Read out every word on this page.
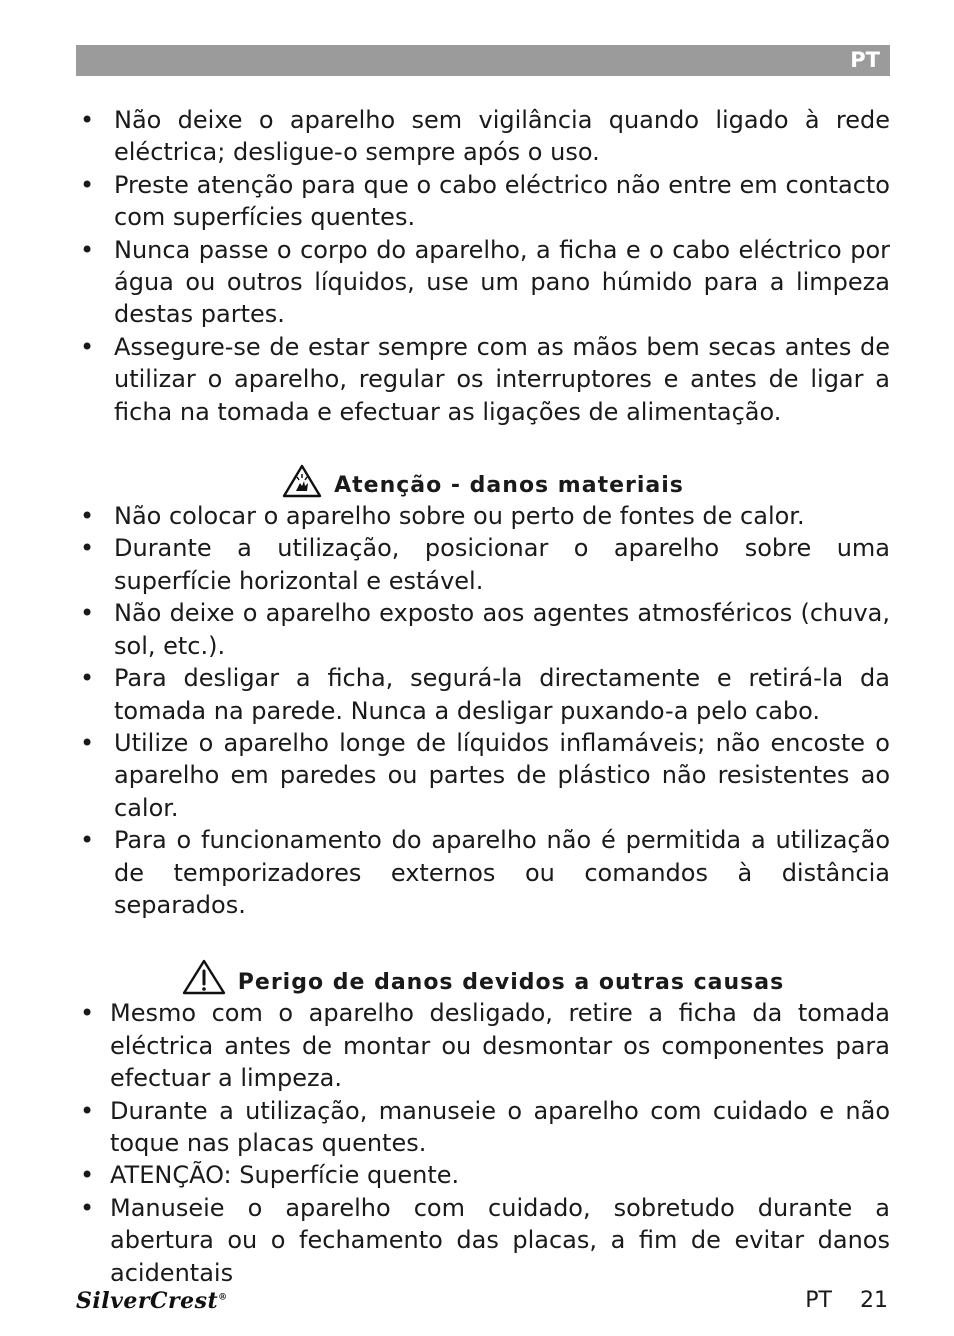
PT
• Não deixe o aparelho sem vigilância quando ligado à rede eléctrica; desligue-o sempre após o uso.
• Preste atenção para que o cabo eléctrico não entre em contacto com superfícies quentes.
• Nunca passe o corpo do aparelho, a ficha e o cabo eléctrico por água ou outros líquidos, use um pano húmido para a limpeza destas partes.
• Assegure-se de estar sempre com as mãos bem secas antes de utilizar o aparelho, regular os interruptores e antes de ligar a ficha na tomada e efectuar as ligações de alimentação.
Atenção - danos materiais
• Não colocar o aparelho sobre ou perto de fontes de calor.
• Durante a utilização, posicionar o aparelho sobre uma superfície horizontal e estável.
• Não deixe o aparelho exposto aos agentes atmosféricos (chuva, sol, etc.).
• Para desligar a ficha, segurá-la directamente e retirá-la da tomada na parede. Nunca a desligar puxando-a pelo cabo.
• Utilize o aparelho longe de líquidos inflamáveis; não encoste o aparelho em paredes ou partes de plástico não resistentes ao calor.
• Para o funcionamento do aparelho não é permitida a utilização de temporizadores externos ou comandos à distância separados.
Perigo de danos devidos a outras causas
• Mesmo com o aparelho desligado, retire a ficha da tomada eléctrica antes de montar ou desmontar os componentes para efectuar a limpeza.
• Durante a utilização, manuseie o aparelho com cuidado e não toque nas placas quentes.
• ATENÇÃO: Superfície quente.
• Manuseie o aparelho com cuidado, sobretudo durante a abertura ou o fechamento das placas, a fim de evitar danos acidentais
SilverCrest®	PT 21
